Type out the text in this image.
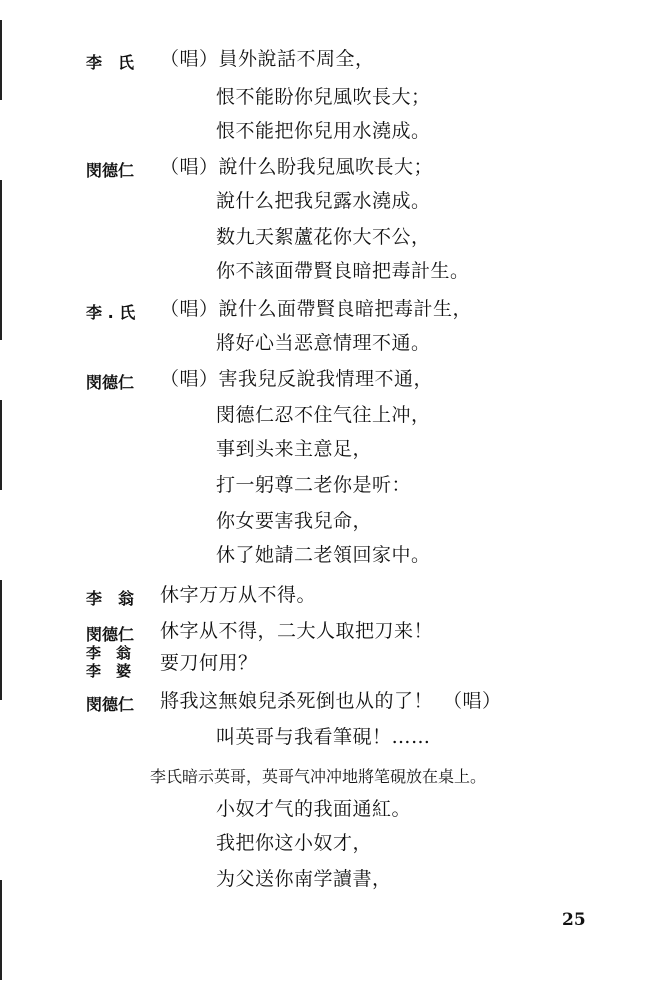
李　氏 （唱）員外說話不周全，
恨不能盼你兒風吹長大；
恨不能把你兒用水澆成。
閔德仁 （唱）說什么盼我兒風吹長大；
說什么把我兒露水澆成。
数九天絮蘆花你大不公，
你不該面帶賢良暗把毒計生。
李 . 氏 （唱）說什么面帶賢良暗把毒計生，
將好心当恶意情理不通。
閔德仁 （唱）害我兒反說我情理不通，
閔德仁忍不住气往上冲，
事到头来主意足，
打一躬尊二老你是听：
你女要害我兒命，
休了她請二老領回家中。
李　翁 休字万万从不得。
閔德仁 休字从不得，二大人取把刀来！
李　翁
李　婆 要刀何用？
閔德仁 將我这無娘兒杀死倒也从的了！　（唱）
叫英哥与我看筆硯！……
李氏暗示英哥，英哥气冲冲地將笔硯放在桌上。
小奴才气的我面通紅。
我把你这小奴才，
为父送你南学讀書，
25
